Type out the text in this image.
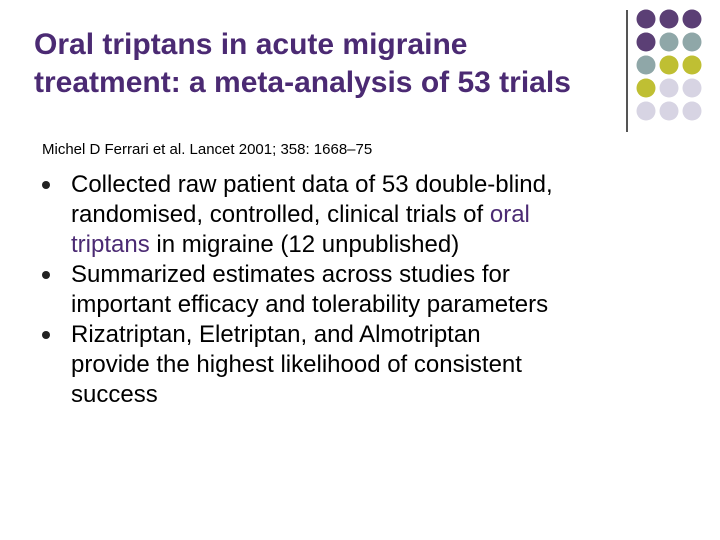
Oral triptans in acute migraine
treatment: a meta-analysis of 53 trials

Michel D Ferrari et al. Lancet 2001; 358: 1668–75

Collected raw patient data of 53 double-blind,
randomised, controlled, clinical trials of oral
triptans in migraine (12 unpublished)
Summarized estimates across studies for
important efficacy and tolerability parameters
Rizatriptan, Eletriptan, and Almotriptan
provide the highest likelihood of consistent
success
